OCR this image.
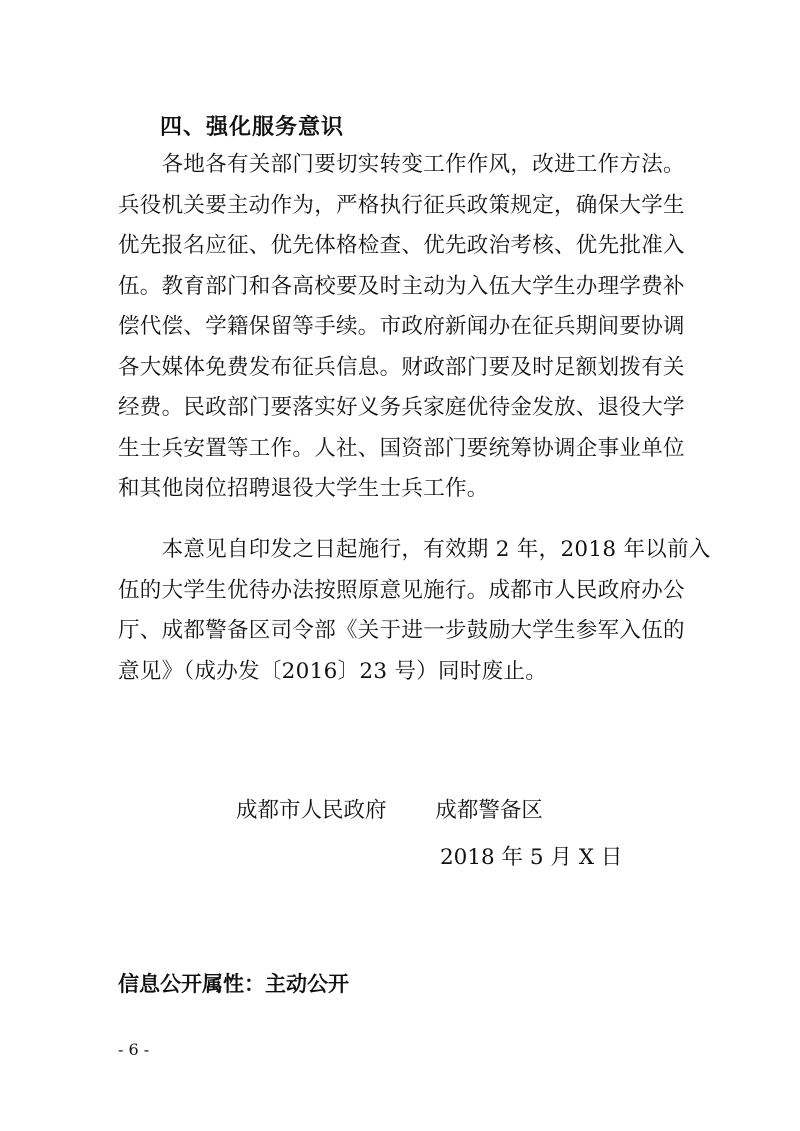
四、强化服务意识
　　各地各有关部门要切实转变工作作风，改进工作方法。
兵役机关要主动作为，严格执行征兵政策规定，确保大学生
优先报名应征、优先体格检查、优先政治考核、优先批准入
伍。教育部门和各高校要及时主动为入伍大学生办理学费补
偿代偿、学籍保留等手续。市政府新闻办在征兵期间要协调
各大媒体免费发布征兵信息。财政部门要及时足额划拨有关
经费。民政部门要落实好义务兵家庭优待金发放、退役大学
生士兵安置等工作。人社、国资部门要统筹协调企事业单位
和其他岗位招聘退役大学生士兵工作。
　　本意见自印发之日起施行，有效期 2 年，2018 年以前入
伍的大学生优待办法按照原意见施行。成都市人民政府办公
厅、成都警备区司令部《关于进一步鼓励大学生参军入伍的
意见》（成办发〔2016〕23 号）同时废止。
成都市人民政府 成都警备区
2018 年 5 月 X 日
信息公开属性：主动公开
- 6 -
